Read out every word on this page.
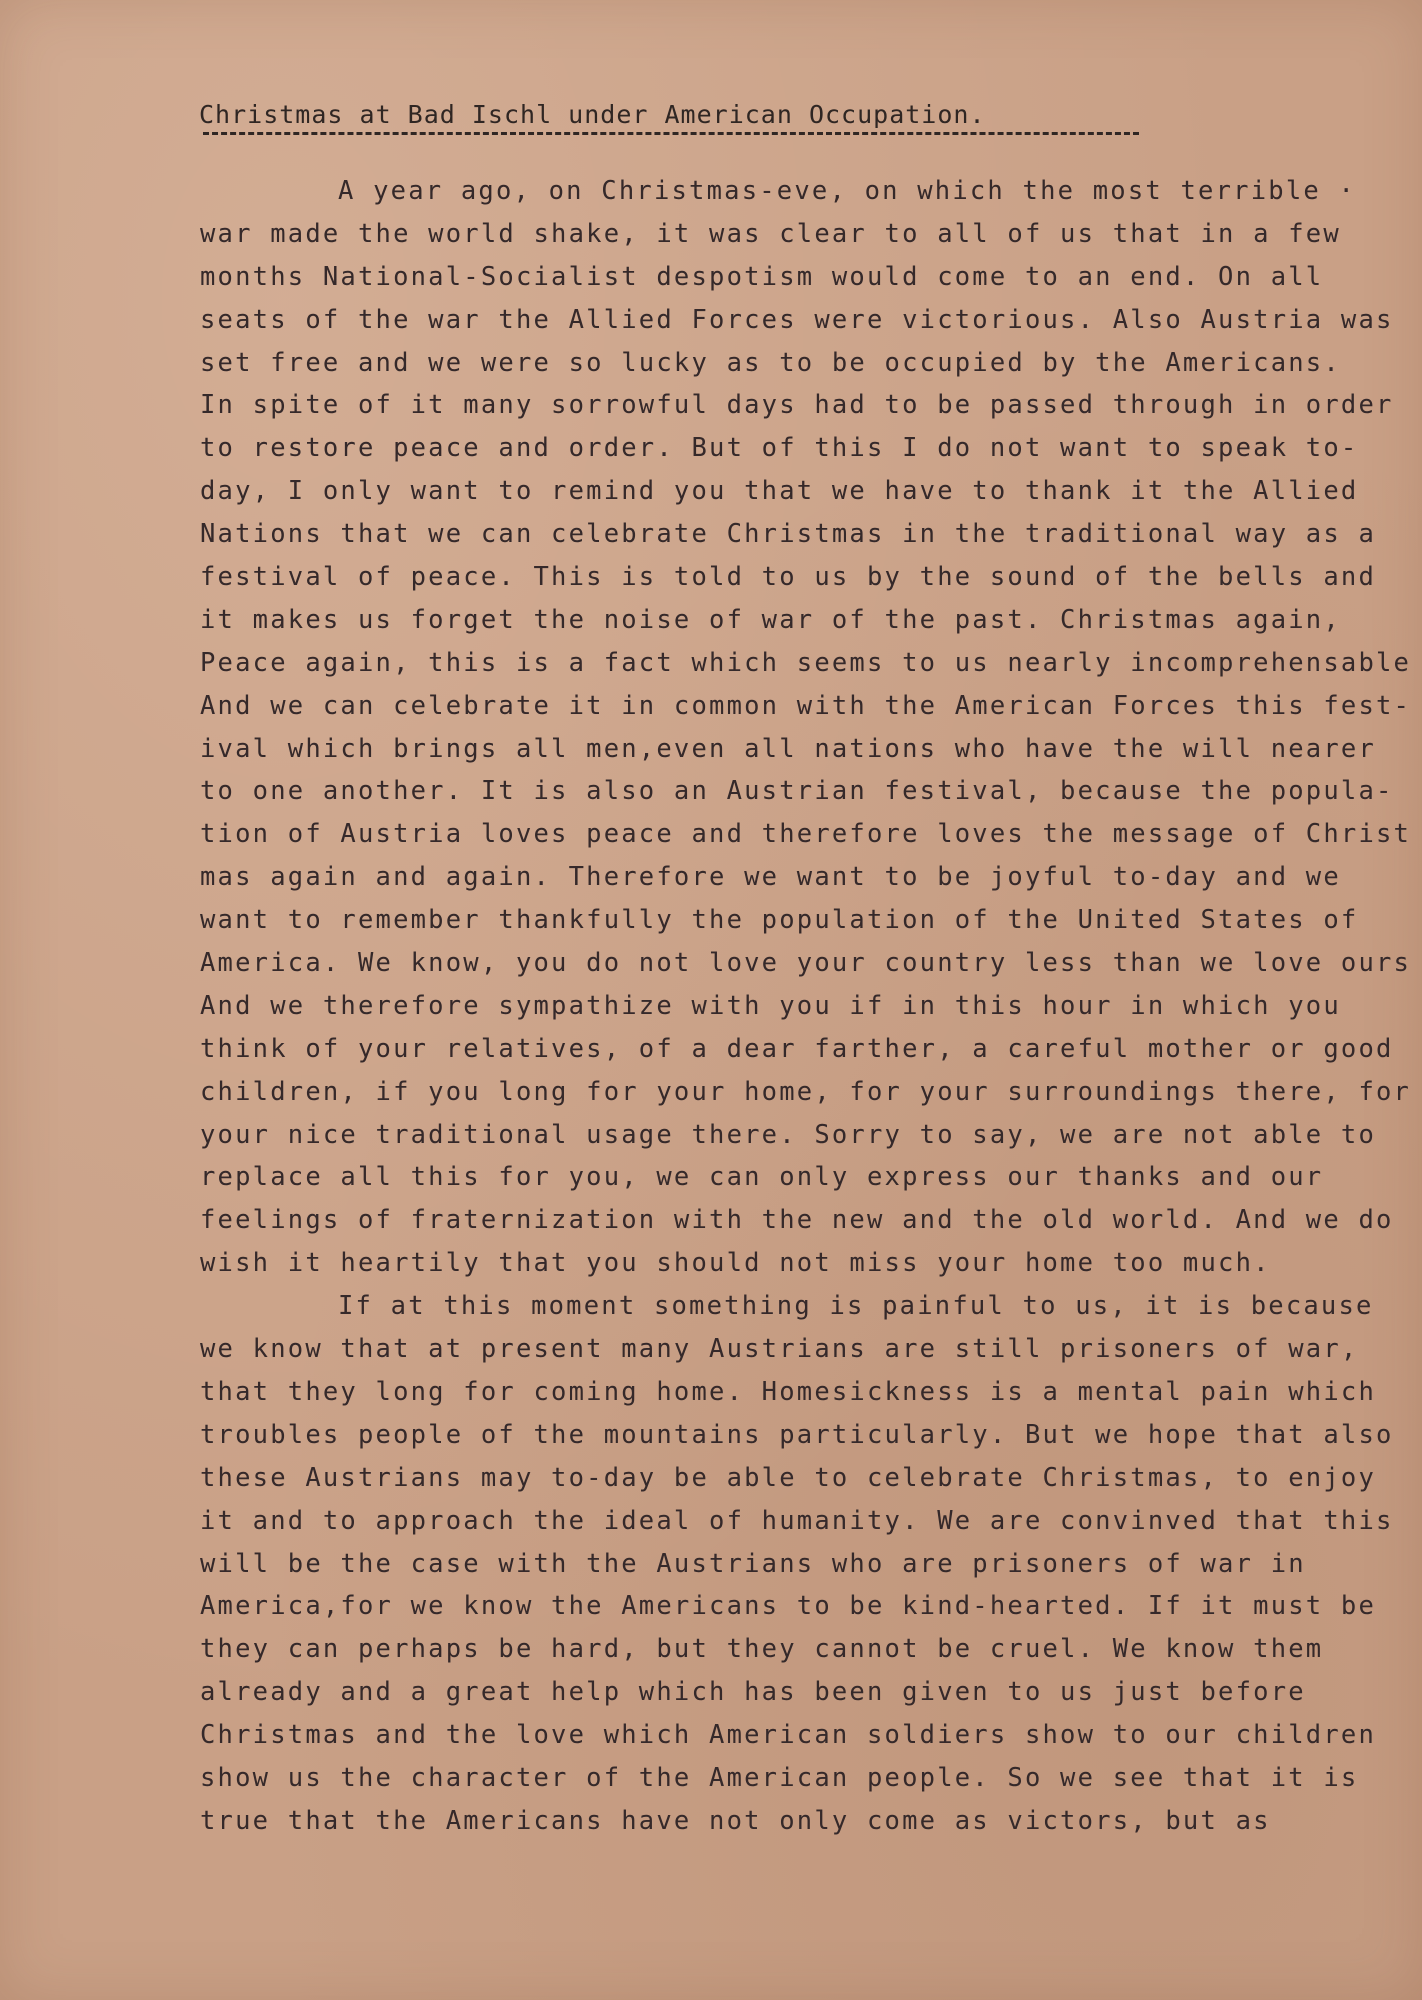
Christmas at Bad Ischl under American Occupation.
A year ago, on Christmas-eve, on which the most terrible ·
war made the world shake, it was clear to all of us that in a few
months National-Socialist despotism would come to an end. On all
seats of the war the Allied Forces were victorious. Also Austria was
set free and we were so lucky as to be occupied by the Americans.
In spite of it many sorrowful days had to be passed through in order
to restore peace and order. But of this I do not want to speak to-
day, I only want to remind you that we have to thank it the Allied
Nations that we can celebrate Christmas in the traditional way as a
festival of peace. This is told to us by the sound of the bells and
it makes us forget the noise of war of the past. Christmas again,
Peace again, this is a fact which seems to us nearly incomprehensable
And we can celebrate it in common with the American Forces this fest-
ival which brings all men,even all nations who have the will nearer
to one another. It is also an Austrian festival, because the popula-
tion of Austria loves peace and therefore loves the message of Christ
mas again and again. Therefore we want to be joyful to-day and we
want to remember thankfully the population of the United States of
America. We know, you do not love your country less than we love ours
And we therefore sympathize with you if in this hour in which you
think of your relatives, of a dear farther, a careful mother or good
children, if you long for your home, for your surroundings there, for
your nice traditional usage there. Sorry to say, we are not able to
replace all this for you, we can only express our thanks and our
feelings of fraternization with the new and the old world. And we do
wish it heartily that you should not miss your home too much.
If at this moment something is painful to us, it is because
we know that at present many Austrians are still prisoners of war,
that they long for coming home. Homesickness is a mental pain which
troubles people of the mountains particularly. But we hope that also
these Austrians may to-day be able to celebrate Christmas, to enjoy
it and to approach the ideal of humanity. We are convinved that this
will be the case with the Austrians who are prisoners of war in
America,for we know the Americans to be kind-hearted. If it must be
they can perhaps be hard, but they cannot be cruel. We know them
already and a great help which has been given to us just before
Christmas and the love which American soldiers show to our children
show us the character of the American people. So we see that it is
true that the Americans have not only come as victors, but as
